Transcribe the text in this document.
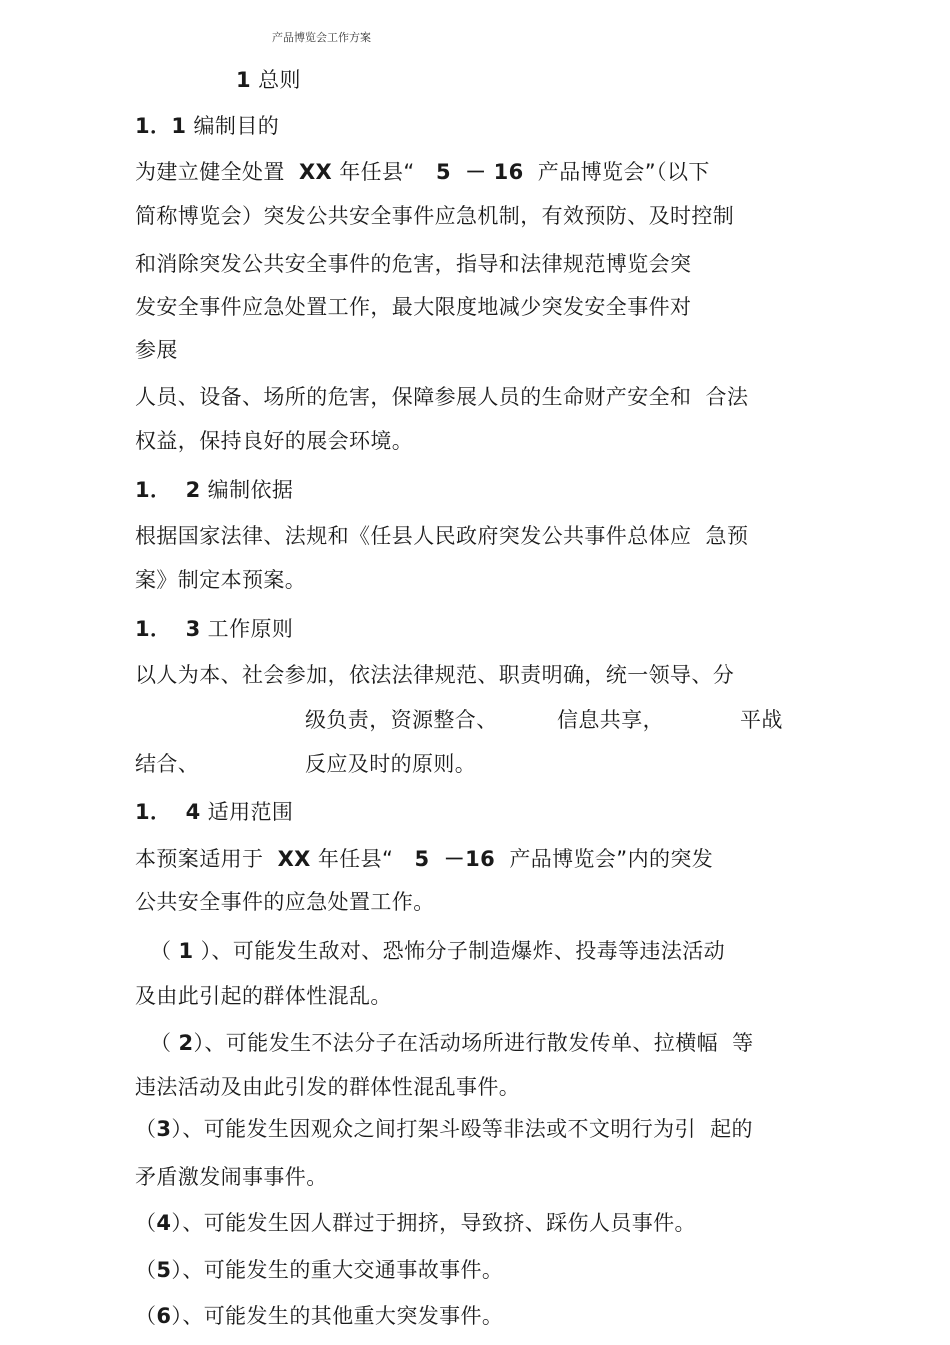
产品博览会工作方案
1 总则
1．1 编制目的
为建立健全处置 XX 年任县“ 5 － 16 产品博览会”（以下
简称博览会）突发公共安全事件应急机制，有效预防、及时控制
和消除突发公共安全事件的危害，指导和法律规范博览会突
发安全事件应急处置工作，最大限度地减少突发安全事件对
参展
人员、设备、场所的危害，保障参展人员的生命财产安全和  合法
权益，保持良好的展会环境。
1． 2 编制依据
根据国家法律、法规和《任县人民政府突发公共事件总体应  急预
案》制定本预案。
1． 3 工作原则
以人为本、社会参加，依法法律规范、职责明确，统一领导、分
级负责，资源整合、	信息共享，	平战
结合、	反应及时的原则。
1． 4 适用范围
本预案适用于 XX 年任县“ 5 －16 产品博览会”内的突发
公共安全事件的应急处置工作。
（ 1 ）、可能发生敌对、恐怖分子制造爆炸、投毒等违法活动
及由此引起的群体性混乱。
（ 2）、可能发生不法分子在活动场所进行散发传单、拉横幅  等
违法活动及由此引发的群体性混乱事件。
（3）、可能发生因观众之间打架斗殴等非法或不文明行为引  起的
矛盾激发闹事事件。
（4）、可能发生因人群过于拥挤，导致挤、踩伤人员事件。
（5）、可能发生的重大交通事故事件。
（6）、可能发生的其他重大突发事件。
